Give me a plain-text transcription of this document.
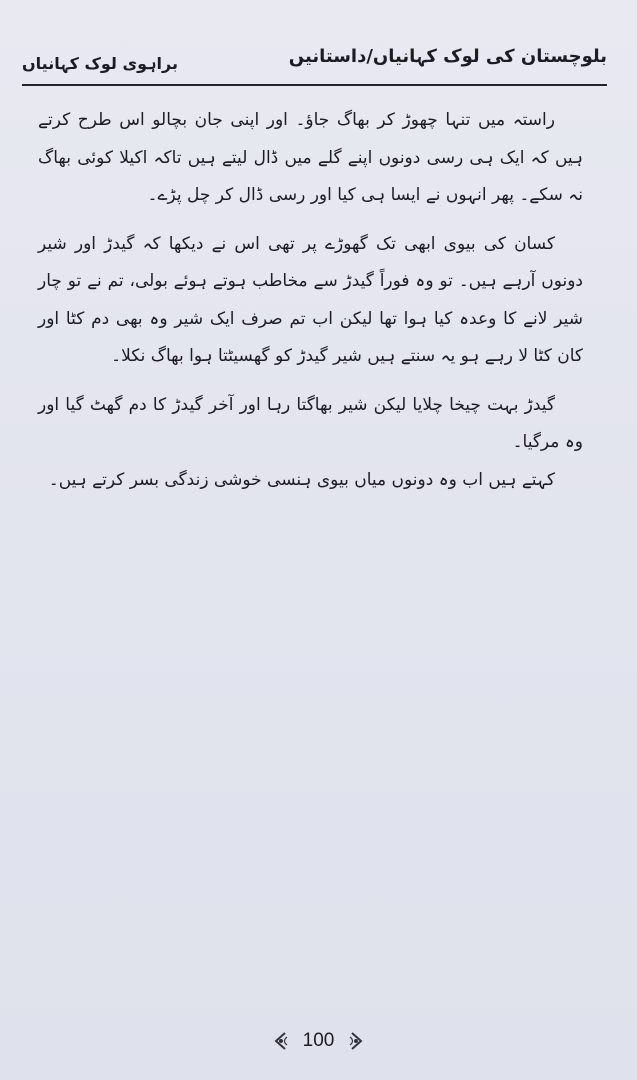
بلوچستان کی لوک کہانیاں/داستانیں
براہوی لوک کہانیاں

راستہ میں تنہا چھوڑ کر بھاگ جاؤ۔ اور اپنی جان بچالو اس طرح کرتے ہیں کہ ایک ہی رسی دونوں اپنے گلے میں ڈال لیتے ہیں تاکہ اکیلا کوئی بھاگ نہ سکے۔ پھر انہوں نے ایسا ہی کیا اور رسی ڈال کر چل پڑے۔

کسان کی بیوی ابھی تک گھوڑے پر تھی اس نے دیکھا کہ گیدڑ اور شیر دونوں آرہے ہیں۔ تو وہ فوراً گیدڑ سے مخاطب ہوتے ہوئے بولی، تم نے تو چار شیر لانے کا وعدہ کیا ہوا تھا لیکن اب تم صرف ایک شیر وہ بھی دم کٹا اور کان کٹا لا رہے ہو یہ سنتے ہیں شیر گیدڑ کو گھسیٹتا ہوا بھاگ نکلا۔

گیدڑ بہت چیخا چلایا لیکن شیر بھاگتا رہا اور آخر گیدڑ کا دم گھٹ گیا اور وہ مرگیا۔

کہتے ہیں اب وہ دونوں میاں بیوی ہنسی خوشی زندگی بسر کرتے ہیں۔

100
